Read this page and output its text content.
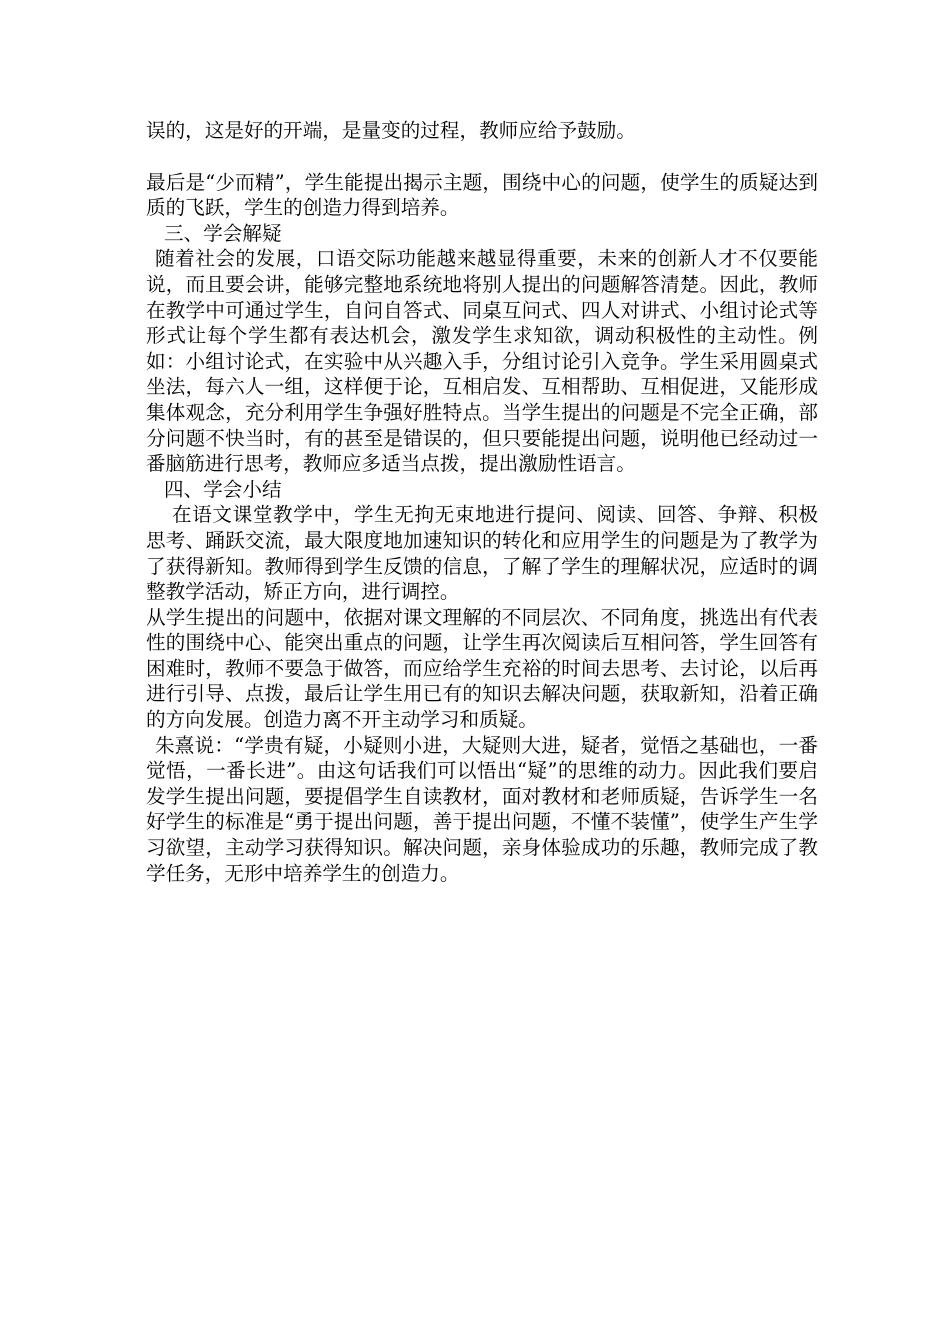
误的，这是好的开端，是量变的过程，教师应给予鼓励。

最后是“少而精”，学生能提出揭示主题，围绕中心的问题，使学生的质疑达到质的飞跃，学生的创造力得到培养。

三、学会解疑

随着社会的发展，口语交际功能越来越显得重要，未来的创新人才不仅要能说，而且要会讲，能够完整地系统地将别人提出的问题解答清楚。因此，教师在教学中可通过学生，自问自答式、同桌互问式、四人对讲式、小组讨论式等形式让每个学生都有表达机会，激发学生求知欲，调动积极性的主动性。例如：小组讨论式，在实验中从兴趣入手，分组讨论引入竞争。学生采用圆桌式坐法，每六人一组，这样便于论，互相启发、互相帮助、互相促进，又能形成集体观念，充分利用学生争强好胜特点。当学生提出的问题是不完全正确，部分问题不快当时，有的甚至是错误的，但只要能提出问题，说明他已经动过一番脑筋进行思考，教师应多适当点拨，提出激励性语言。

四、学会小结

在语文课堂教学中，学生无拘无束地进行提问、阅读、回答、争辩、积极思考、踊跃交流，最大限度地加速知识的转化和应用学生的问题是为了教学为了获得新知。教师得到学生反馈的信息，了解了学生的理解状况，应适时的调整教学活动，矫正方向，进行调控。

从学生提出的问题中，依据对课文理解的不同层次、不同角度，挑选出有代表性的围绕中心、能突出重点的问题，让学生再次阅读后互相问答，学生回答有困难时，教师不要急于做答，而应给学生充裕的时间去思考、去讨论，以后再进行引导、点拨，最后让学生用已有的知识去解决问题，获取新知，沿着正确的方向发展。创造力离不开主动学习和质疑。

朱熹说：“学贵有疑，小疑则小进，大疑则大进，疑者，觉悟之基础也，一番觉悟，一番长进”。由这句话我们可以悟出“疑”的思维的动力。因此我们要启发学生提出问题，要提倡学生自读教材，面对教材和老师质疑，告诉学生一名好学生的标准是“勇于提出问题，善于提出问题，不懂不装懂”，使学生产生学习欲望，主动学习获得知识。解决问题，亲身体验成功的乐趣，教师完成了教学任务，无形中培养学生的创造力。
